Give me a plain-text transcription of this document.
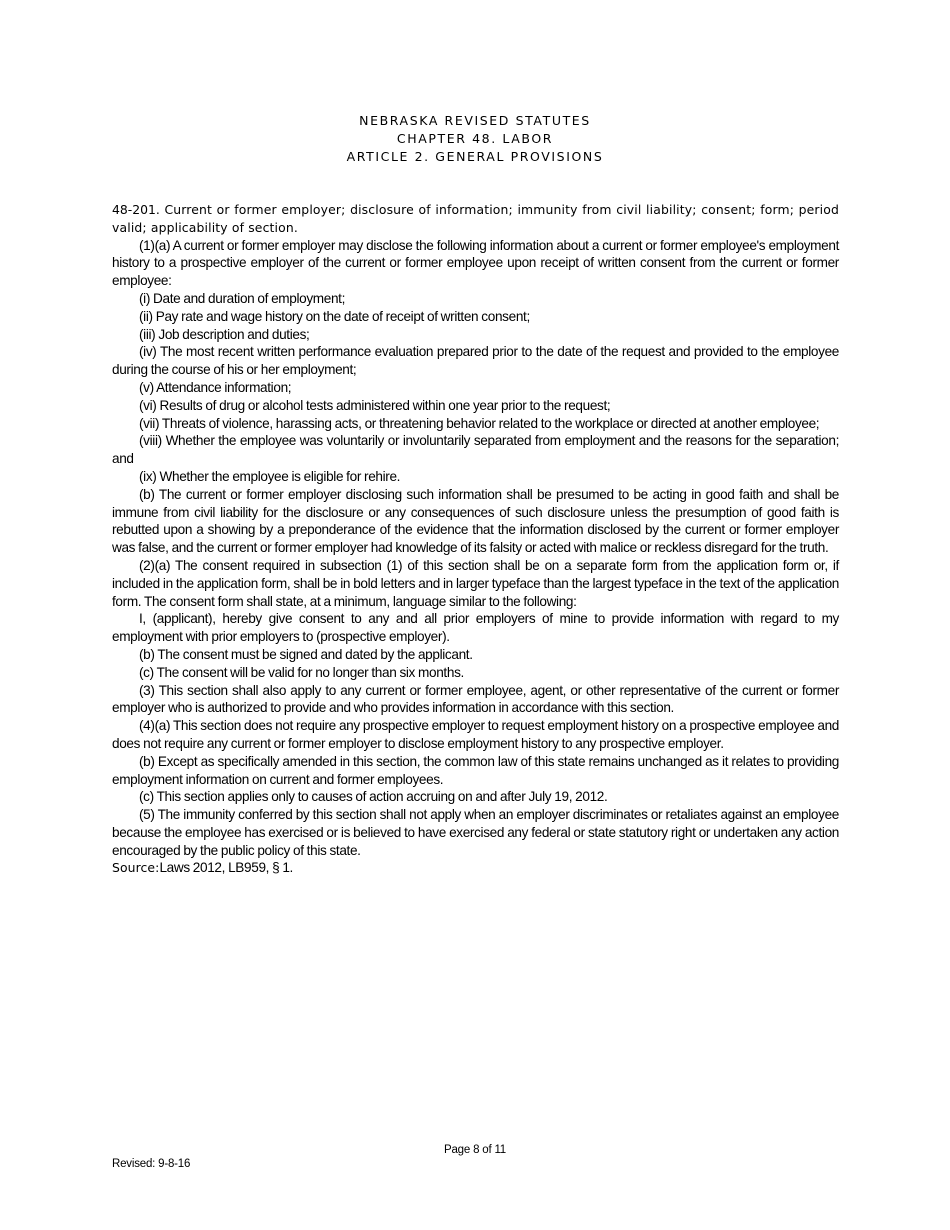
NEBRASKA REVISED STATUTES
CHAPTER 48. LABOR
ARTICLE 2. GENERAL PROVISIONS
48-201. Current or former employer; disclosure of information; immunity from civil liability; consent; form; period valid; applicability of section.

(1)(a) A current or former employer may disclose the following information about a current or former employee's employment history to a prospective employer of the current or former employee upon receipt of written consent from the current or former employee:

(i) Date and duration of employment;

(ii) Pay rate and wage history on the date of receipt of written consent;

(iii) Job description and duties;

(iv) The most recent written performance evaluation prepared prior to the date of the request and provided to the employee during the course of his or her employment;

(v) Attendance information;

(vi) Results of drug or alcohol tests administered within one year prior to the request;

(vii) Threats of violence, harassing acts, or threatening behavior related to the workplace or directed at another employee;

(viii) Whether the employee was voluntarily or involuntarily separated from employment and the reasons for the separation; and

(ix) Whether the employee is eligible for rehire.

(b) The current or former employer disclosing such information shall be presumed to be acting in good faith and shall be immune from civil liability for the disclosure or any consequences of such disclosure unless the presumption of good faith is rebutted upon a showing by a preponderance of the evidence that the information disclosed by the current or former employer was false, and the current or former employer had knowledge of its falsity or acted with malice or reckless disregard for the truth.

(2)(a) The consent required in subsection (1) of this section shall be on a separate form from the application form or, if included in the application form, shall be in bold letters and in larger typeface than the largest typeface in the text of the application form. The consent form shall state, at a minimum, language similar to the following:

I, (applicant), hereby give consent to any and all prior employers of mine to provide information with regard to my employment with prior employers to (prospective employer).

(b) The consent must be signed and dated by the applicant.

(c) The consent will be valid for no longer than six months.

(3) This section shall also apply to any current or former employee, agent, or other representative of the current or former employer who is authorized to provide and who provides information in accordance with this section.

(4)(a) This section does not require any prospective employer to request employment history on a prospective employee and does not require any current or former employer to disclose employment history to any prospective employer.

(b) Except as specifically amended in this section, the common law of this state remains unchanged as it relates to providing employment information on current and former employees.

(c) This section applies only to causes of action accruing on and after July 19, 2012.

(5) The immunity conferred by this section shall not apply when an employer discriminates or retaliates against an employee because the employee has exercised or is believed to have exercised any federal or state statutory right or undertaken any action encouraged by the public policy of this state.

Source:Laws 2012, LB959, § 1.

Page 8 of 11
Revised: 9-8-16
